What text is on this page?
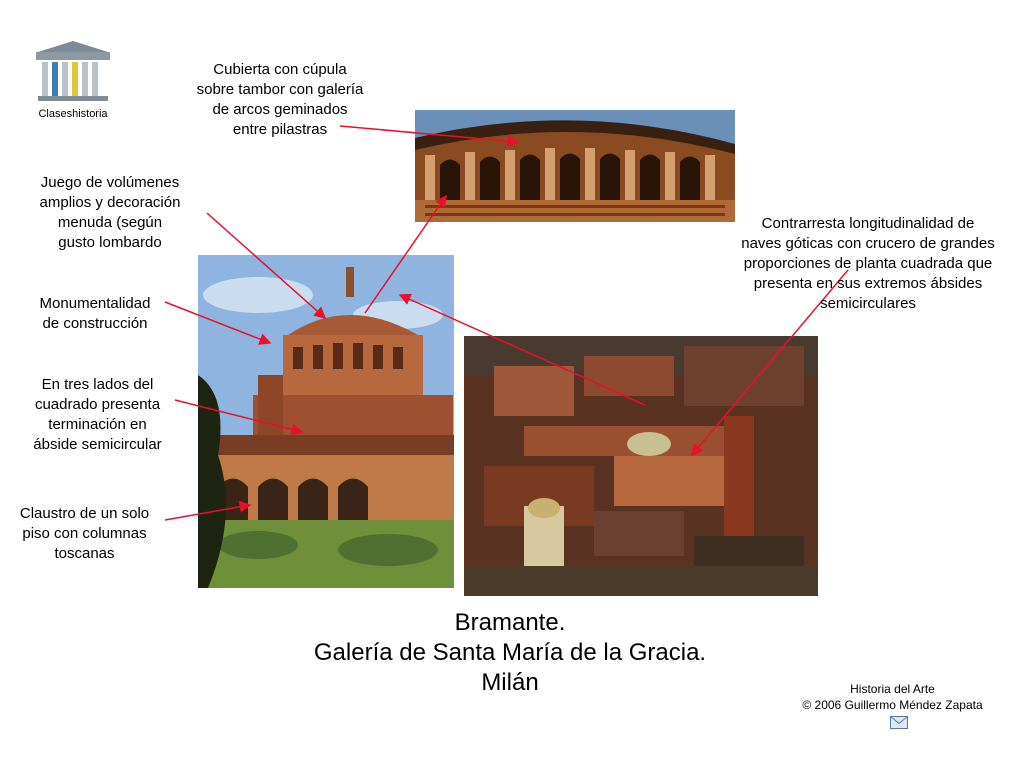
Claseshistoria
Cubierta con cúpula
sobre tambor con galería
de arcos geminados
entre pilastras
Juego de volúmenes
amplios y decoración
menuda (según
gusto lombardo
Monumentalidad
de construcción
En tres lados del
cuadrado presenta
terminación en
ábside semicircular
Claustro de un solo
piso con columnas
toscanas
Contrarresta longitudinalidad de
naves góticas con crucero de grandes
proporciones de planta cuadrada que
presenta en sus extremos ábsides
semicirculares
Bramante.
Galería de Santa María de la Gracia.
Milán	Historia del Arte
© 2006 Guillermo Méndez Zapata
